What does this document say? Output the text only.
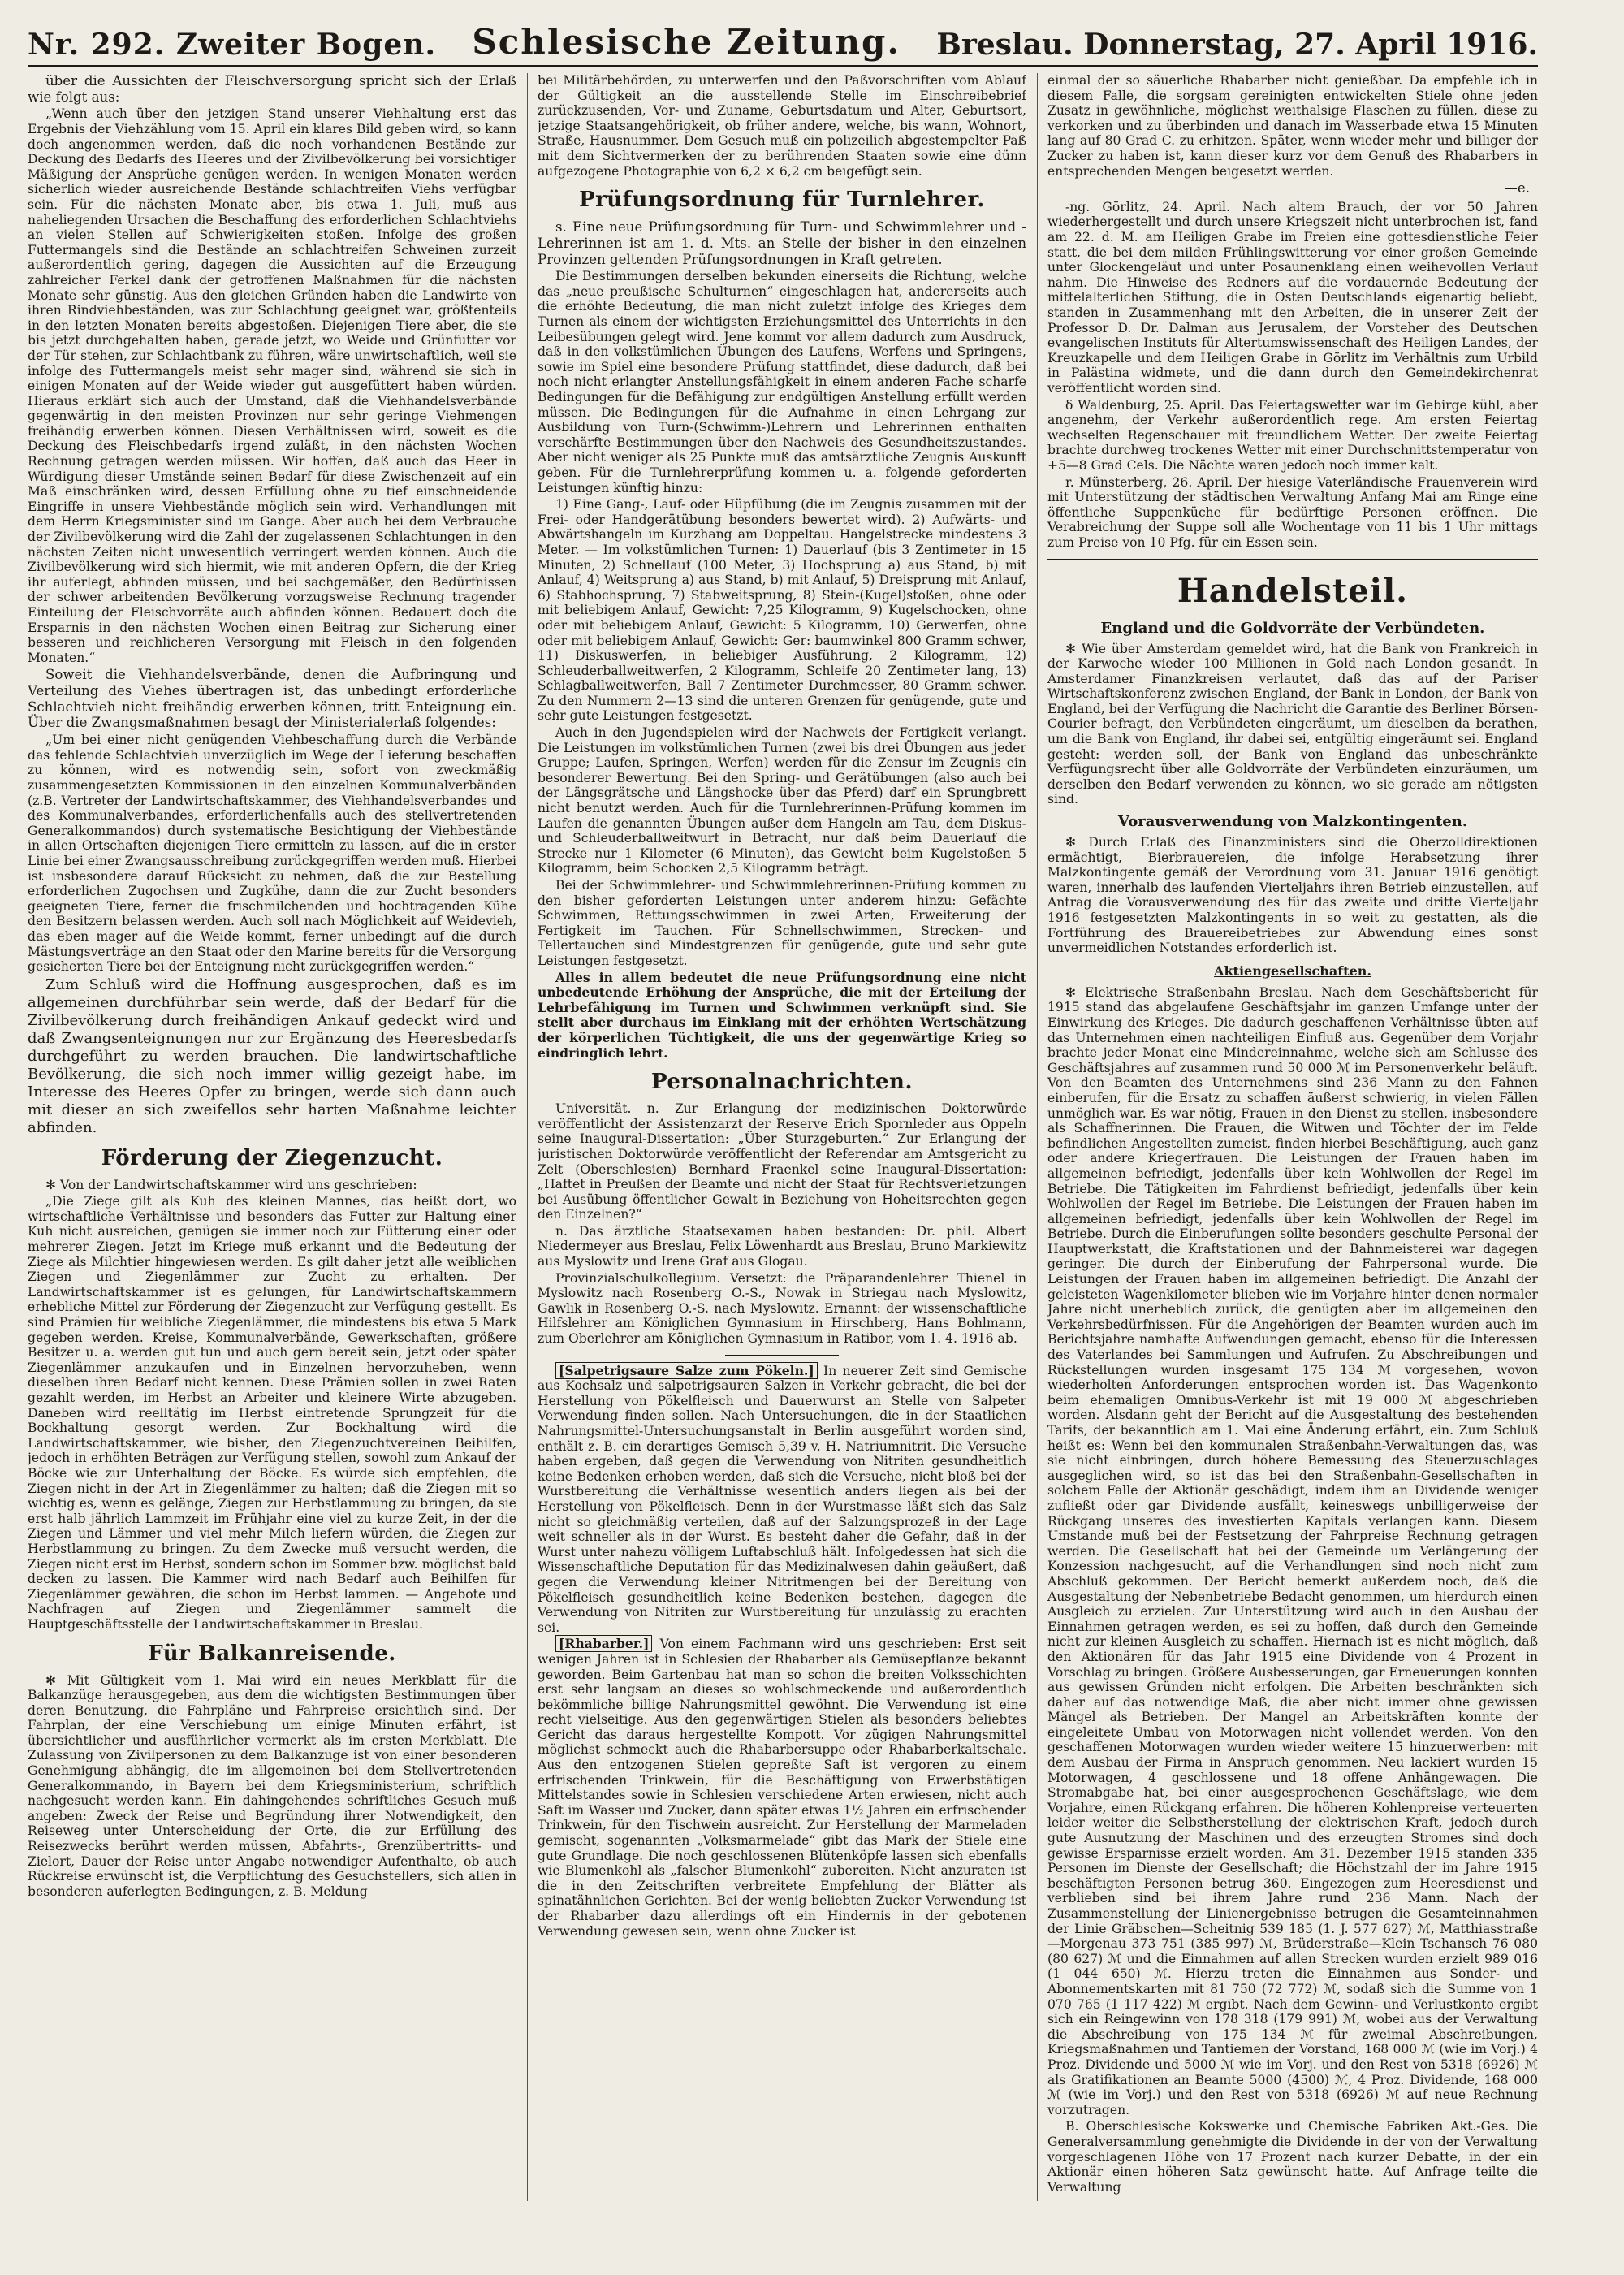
Nr. 292. Zweiter Bogen. Schlesische Zeitung. Breslau. Donnerstag, 27. April 1916.

über die Aussichten der Fleischversorgung spricht sich der Erlaß wie folgt aus:

„Wenn auch über den jetzigen Stand unserer Viehhaltung erst das Ergebnis der Viehzählung vom 15. April ein klares Bild geben wird, so kann doch angenommen werden, daß die noch vorhandenen Bestände zur Deckung des Bedarfs des Heeres und der Zivilbevölkerung bei vorsichtiger Mäßigung der Ansprüche genügen werden. In wenigen Monaten werden sicherlich wieder ausreichende Bestände schlachtreifen Viehs verfügbar sein. Für die nächsten Monate aber, bis etwa 1. Juli, muß aus naheliegenden Ursachen die Beschaffung des erforderlichen Schlachtviehs an vielen Stellen auf Schwierigkeiten stoßen. Infolge des großen Futtermangels sind die Bestände an schlachtreifen Schweinen zurzeit außerordentlich gering, dagegen die Aussichten auf die Erzeugung zahlreicher Ferkel dank der getroffenen Maßnahmen für die nächsten Monate sehr günstig. Aus den gleichen Gründen haben die Landwirte von ihren Rindviehbeständen, was zur Schlachtung geeignet war, größtenteils in den letzten Monaten bereits abgestoßen. Diejenigen Tiere aber, die sie bis jetzt durchgehalten haben, gerade jetzt, wo Weide und Grünfutter vor der Tür stehen, zur Schlachtbank zu führen, wäre unwirtschaftlich, weil sie infolge des Futtermangels meist sehr mager sind, während sie sich in einigen Monaten auf der Weide wieder gut ausgefüttert haben würden. Hieraus erklärt sich auch der Umstand, daß die Viehhandelsverbände gegenwärtig in den meisten Provinzen nur sehr geringe Viehmengen freihändig erwerben können. Diesen Verhältnissen wird, soweit es die Deckung des Fleischbedarfs irgend zuläßt, in den nächsten Wochen Rechnung getragen werden müssen. Wir hoffen, daß auch das Heer in Würdigung dieser Umstände seinen Bedarf für diese Zwischenzeit auf ein Maß einschränken wird, dessen Erfüllung ohne zu tief einschneidende Eingriffe in unsere Viehbestände möglich sein wird. Verhandlungen mit dem Herrn Kriegsminister sind im Gange. Aber auch bei dem Verbrauche der Zivilbevölkerung wird die Zahl der zugelassenen Schlachtungen in den nächsten Zeiten nicht unwesentlich verringert werden können. Auch die Zivilbevölkerung wird sich hiermit, wie mit anderen Opfern, die der Krieg ihr auferlegt, abfinden müssen, und bei sachgemäßer, den Bedürfnissen der schwer arbeitenden Bevölkerung vorzugsweise Rechnung tragender Einteilung der Fleischvorräte auch abfinden können. Bedauert doch die Ersparnis in den nächsten Wochen einen Beitrag zur Sicherung einer besseren und reichlicheren Versorgung mit Fleisch in den folgenden Monaten.“

Soweit die Viehhandelsverbände, denen die Aufbringung und Verteilung des Viehes übertragen ist, das unbedingt erforderliche Schlachtvieh nicht freihändig erwerben können, tritt Enteignung ein. Über die Zwangsmaßnahmen besagt der Ministerialerlaß folgendes:

„Um bei einer nicht genügenden Viehbeschaffung durch die Verbände das fehlende Schlachtvieh unverzüglich im Wege der Lieferung beschaffen zu können, wird es notwendig sein, sofort von zweckmäßig zusammengesetzten Kommissionen in den einzelnen Kommunalverbänden (z.B. Vertreter der Landwirtschaftskammer, des Viehhandelsverbandes und des Kommunalverbandes, erforderlichenfalls auch des stellvertretenden Generalkommandos) durch systematische Besichtigung der Viehbestände in allen Ortschaften diejenigen Tiere ermitteln zu lassen, auf die in erster Linie bei einer Zwangsausschreibung zurückgegriffen werden muß. Hierbei ist insbesondere darauf Rücksicht zu nehmen, daß die zur Bestellung erforderlichen Zugochsen und Zugkühe, dann die zur Zucht besonders geeigneten Tiere, ferner die frischmilchenden und hochtragenden Kühe den Besitzern belassen werden. Auch soll nach Möglichkeit auf Weidevieh, das eben mager auf die Weide kommt, ferner unbedingt auf die durch Mästungsverträge an den Staat oder den Marine bereits für die Versorgung gesicherten Tiere bei der Enteignung nicht zurückgegriffen werden.“

Zum Schluß wird die Hoffnung ausgesprochen, daß es im allgemeinen durchführbar sein werde, daß der Bedarf für die Zivilbevölkerung durch freihändigen Ankauf gedeckt wird und daß Zwangsenteignungen nur zur Ergänzung des Heeresbedarfs durchgeführt zu werden brauchen. Die landwirtschaftliche Bevölkerung, die sich noch immer willig gezeigt habe, im Interesse des Heeres Opfer zu bringen, werde sich dann auch mit dieser an sich zweifellos sehr harten Maßnahme leichter abfinden.

Förderung der Ziegenzucht.

✻ Von der Landwirtschaftskammer wird uns geschrieben:

„Die Ziege gilt als Kuh des kleinen Mannes, das heißt dort, wo wirtschaftliche Verhältnisse und besonders das Futter zur Haltung einer Kuh nicht ausreichen, genügen sie immer noch zur Fütterung einer oder mehrerer Ziegen. Jetzt im Kriege muß erkannt und die Bedeutung der Ziege als Milchtier hingewiesen werden. Es gilt daher jetzt alle weiblichen Ziegen und Ziegenlämmer zur Zucht zu erhalten. Der Landwirtschaftskammer ist es gelungen, für Landwirtschaftskammern erhebliche Mittel zur Förderung der Ziegenzucht zur Verfügung gestellt. Es sind Prämien für weibliche Ziegenlämmer, die mindestens bis etwa 5 Mark gegeben werden. Kreise, Kommunalverbände, Gewerkschaften, größere Besitzer u. a. werden gut tun und auch gern bereit sein, jetzt oder später Ziegenlämmer anzukaufen und in Einzelnen hervorzuheben, wenn dieselben ihren Bedarf nicht kennen. Diese Prämien sollen in zwei Raten gezahlt werden, im Herbst an Arbeiter und kleinere Wirte abzugeben. Daneben wird reelltätig im Herbst eintretende Sprungzeit für die Bockhaltung gesorgt werden. Zur Bockhaltung wird die Landwirtschaftskammer, wie bisher, den Ziegenzuchtvereinen Beihilfen, jedoch in erhöhten Beträgen zur Verfügung stellen, sowohl zum Ankauf der Böcke wie zur Unterhaltung der Böcke. Es würde sich empfehlen, die Ziegen nicht in der Art in Ziegenlämmer zu halten; daß die Ziegen mit so wichtig es, wenn es gelänge, Ziegen zur Herbstlammung zu bringen, da sie erst halb jährlich Lammzeit im Frühjahr eine viel zu kurze Zeit, in der die Ziegen und Lämmer und viel mehr Milch liefern würden, die Ziegen zur Herbstlammung zu bringen. Zu dem Zwecke muß versucht werden, die Ziegen nicht erst im Herbst, sondern schon im Sommer bzw. möglichst bald decken zu lassen. Die Kammer wird nach Bedarf auch Beihilfen für Ziegenlämmer gewähren, die schon im Herbst lammen. — Angebote und Nachfragen auf Ziegen und Ziegenlämmer sammelt die Hauptgeschäftsstelle der Landwirtschaftskammer in Breslau.

Für Balkanreisende.

✻ Mit Gültigkeit vom 1. Mai wird ein neues Merkblatt für die Balkanzüge herausgegeben, aus dem die wichtigsten Bestimmungen über deren Benutzung, die Fahrpläne und Fahrpreise ersichtlich sind. Der Fahrplan, der eine Verschiebung um einige Minuten erfährt, ist übersichtlicher und ausführlicher vermerkt als im ersten Merkblatt. Die Zulassung von Zivilpersonen zu dem Balkanzuge ist von einer besonderen Genehmigung abhängig, die im allgemeinen bei dem Stellvertretenden Generalkommando, in Bayern bei dem Kriegsministerium, schriftlich nachgesucht werden kann. Ein dahingehendes schriftliches Gesuch muß angeben: Zweck der Reise und Begründung ihrer Notwendigkeit, den Reiseweg unter Unterscheidung der Orte, die zur Erfüllung des Reisezwecks berührt werden müssen, Abfahrts-, Grenzübertritts- und Zielort, Dauer der Reise unter Angabe notwendiger Aufenthalte, ob auch Rückreise erwünscht ist, die Verpflichtung des Gesuchstellers, sich allen in besonderen auferlegten Bedingungen, z. B. Meldung

bei Militärbehörden, zu unterwerfen und den Paßvorschriften vom Ablauf der Gültigkeit an die ausstellende Stelle im Einschreibebrief zurückzusenden, Vor- und Zuname, Geburtsdatum und Alter, Geburtsort, jetzige Staatsangehörigkeit, ob früher andere, welche, bis wann, Wohnort, Straße, Hausnummer. Dem Gesuch muß ein polizeilich abgestempelter Paß mit dem Sichtvermerken der zu berührenden Staaten sowie eine dünn aufgezogene Photographie von 6,2 × 6,2 cm beigefügt sein.

Prüfungsordnung für Turnlehrer.

s. Eine neue Prüfungsordnung für Turn- und Schwimmlehrer und -Lehrerinnen ist am 1. d. Mts. an Stelle der bisher in den einzelnen Provinzen geltenden Prüfungsordnungen in Kraft getreten.

Die Bestimmungen derselben bekunden einerseits die Richtung, welche das „neue preußische Schulturnen“ eingeschlagen hat, andererseits auch die erhöhte Bedeutung, die man nicht zuletzt infolge des Krieges dem Turnen als einem der wichtigsten Erziehungsmittel des Unterrichts in den Leibesübungen gelegt wird. Jene kommt vor allem dadurch zum Ausdruck, daß in den volkstümlichen Übungen des Laufens, Werfens und Springens, sowie im Spiel eine besondere Prüfung stattfindet, diese dadurch, daß bei noch nicht erlangter Anstellungsfähigkeit in einem anderen Fache scharfe Bedingungen für die Befähigung zur endgültigen Anstellung erfüllt werden müssen. Die Bedingungen für die Aufnahme in einen Lehrgang zur Ausbildung von Turn-(Schwimm-)Lehrern und Lehrerinnen enthalten verschärfte Bestimmungen über den Nachweis des Gesundheitszustandes. Aber nicht weniger als 25 Punkte muß das amtsärztliche Zeugnis Auskunft geben. Für die Turnlehrerprüfung kommen u. a. folgende geforderten Leistungen künftig hinzu:

1) Eine Gang-, Lauf- oder Hüpfübung (die im Zeugnis zusammen mit der Frei- oder Handgerätübung besonders bewertet wird). 2) Aufwärts- und Abwärtshangeln im Kurzhang am Doppeltau. Hangelstrecke mindestens 3 Meter. — Im volkstümlichen Turnen: 1) Dauerlauf (bis 3 Zentimeter in 15 Minuten, 2) Schnellauf (100 Meter, 3) Hochsprung a) aus Stand, b) mit Anlauf, 4) Weitsprung a) aus Stand, b) mit Anlauf, 5) Dreisprung mit Anlauf, 6) Stabhochsprung, 7) Stabweitsprung, 8) Stein-(Kugel)stoßen, ohne oder mit beliebigem Anlauf, Gewicht: 7,25 Kilogramm, 9) Kugelschocken, ohne oder mit beliebigem Anlauf, Gewicht: 5 Kilogramm, 10) Gerwerfen, ohne oder mit beliebigem Anlauf, Gewicht: Ger: baumwinkel 800 Gramm schwer, 11) Diskuswerfen, in beliebiger Ausführung, 2 Kilogramm, 12) Schleuderballweitwerfen, 2 Kilogramm, Schleife 20 Zentimeter lang, 13) Schlagballweitwerfen, Ball 7 Zentimeter Durchmesser, 80 Gramm schwer. Zu den Nummern 2—13 sind die unteren Grenzen für genügende, gute und sehr gute Leistungen festgesetzt.

Auch in den Jugendspielen wird der Nachweis der Fertigkeit verlangt. Die Leistungen im volkstümlichen Turnen (zwei bis drei Übungen aus jeder Gruppe; Laufen, Springen, Werfen) werden für die Zensur im Zeugnis ein besonderer Bewertung. Bei den Spring- und Gerätübungen (also auch bei der Längsgrätsche und Längshocke über das Pferd) darf ein Sprungbrett nicht benutzt werden. Auch für die Turnlehrerinnen-Prüfung kommen im Laufen die genannten Übungen außer dem Hangeln am Tau, dem Diskus- und Schleuderballweitwurf in Betracht, nur daß beim Dauerlauf die Strecke nur 1 Kilometer (6 Minuten), das Gewicht beim Kugelstoßen 5 Kilogramm, beim Schocken 2,5 Kilogramm beträgt.

Bei der Schwimmlehrer- und Schwimmlehrerinnen-Prüfung kommen zu den bisher geforderten Leistungen unter anderem hinzu: Gefächte Schwimmen, Rettungsschwimmen in zwei Arten, Erweiterung der Fertigkeit im Tauchen. Für Schnellschwimmen, Strecken- und Tellertauchen sind Mindestgrenzen für genügende, gute und sehr gute Leistungen festgesetzt.

Alles in allem bedeutet die neue Prüfungsordnung eine nicht unbedeutende Erhöhung der Ansprüche, die mit der Erteilung der Lehrbefähigung im Turnen und Schwimmen verknüpft sind. Sie stellt aber durchaus im Einklang mit der erhöhten Wertschätzung der körperlichen Tüchtigkeit, die uns der gegenwärtige Krieg so eindringlich lehrt.

Personalnachrichten.

Universität. n. Zur Erlangung der medizinischen Doktorwürde veröffentlicht der Assistenzarzt der Reserve Erich Spornleder aus Oppeln seine Inaugural-Dissertation: „Über Sturzgeburten.“ Zur Erlangung der juristischen Doktorwürde veröffentlicht der Referendar am Amtsgericht zu Zelt (Oberschlesien) Bernhard Fraenkel seine Inaugural-Dissertation: „Haftet in Preußen der Beamte und nicht der Staat für Rechtsverletzungen bei Ausübung öffentlicher Gewalt in Beziehung von Hoheitsrechten gegen den Einzelnen?“

n. Das ärztliche Staatsexamen haben bestanden: Dr. phil. Albert Niedermeyer aus Breslau, Felix Löwenhardt aus Breslau, Bruno Markiewitz aus Myslowitz und Irene Graf aus Glogau.

Provinzialschulkollegium. Versetzt: die Präparandenlehrer Thienel in Myslowitz nach Rosenberg O.-S., Nowak in Striegau nach Myslowitz, Gawlik in Rosenberg O.-S. nach Myslowitz. Ernannt: der wissenschaftliche Hilfslehrer am Königlichen Gymnasium in Hirschberg, Hans Bohlmann, zum Oberlehrer am Königlichen Gymnasium in Ratibor, vom 1. 4. 1916 ab.

[Salpetrigsaure Salze zum Pökeln.] In neuerer Zeit sind Gemische aus Kochsalz und salpetrigsauren Salzen in Verkehr gebracht, die bei der Herstellung von Pökelfleisch und Dauerwurst an Stelle von Salpeter Verwendung finden sollen. Nach Untersuchungen, die in der Staatlichen Nahrungsmittel-Untersuchungsanstalt in Berlin ausgeführt worden sind, enthält z. B. ein derartiges Gemisch 5,39 v. H. Natriumnitrit. Die Versuche haben ergeben, daß gegen die Verwendung von Nitriten gesundheitlich keine Bedenken erhoben werden, daß sich die Versuche, nicht bloß bei der Wurstbereitung die Verhältnisse wesentlich anders liegen als bei der Herstellung von Pökelfleisch. Denn in der Wurstmasse läßt sich das Salz nicht so gleichmäßig verteilen, daß auf der Salzungsprozeß in der Lage weit schneller als in der Wurst. Es besteht daher die Gefahr, daß in der Wurst unter nahezu völligem Luftabschluß hält. Infolgedessen hat sich die Wissenschaftliche Deputation für das Medizinalwesen dahin geäußert, daß gegen die Verwendung kleiner Nitritmengen bei der Bereitung von Pökelfleisch gesundheitlich keine Bedenken bestehen, dagegen die Verwendung von Nitriten zur Wurstbereitung für unzulässig zu erachten sei.

[Rhabarber.] Von einem Fachmann wird uns geschrieben: Erst seit wenigen Jahren ist in Schlesien der Rhabarber als Gemüsepflanze bekannt geworden. Beim Gartenbau hat man so schon die breiten Volksschichten erst sehr langsam an dieses so wohlschmeckende und außerordentlich bekömmliche billige Nahrungsmittel gewöhnt. Die Verwendung ist eine recht vielseitige. Aus den gegenwärtigen Stielen als besonders beliebtes Gericht das daraus hergestellte Kompott. Vor zügigen Nahrungsmittel möglichst schmeckt auch die Rhabarbersuppe oder Rhabarberkaltschale. Aus den entzogenen Stielen gepreßte Saft ist vergoren zu einem erfrischenden Trinkwein, für die Beschäftigung von Erwerbstätigen Mittelstandes sowie in Schlesien verschiedene Arten erwiesen, nicht auch Saft im Wasser und Zucker, dann später etwas 1½ Jahren ein erfrischender Trinkwein, für den Tischwein ausreicht. Zur Herstellung der Marmeladen gemischt, sogenannten „Volksmarmelade“ gibt das Mark der Stiele eine gute Grundlage. Die noch geschlossenen Blütenköpfe lassen sich ebenfalls wie Blumenkohl als „falscher Blumenkohl“ zubereiten. Nicht anzuraten ist die in den Zeitschriften verbreitete Empfehlung der Blätter als spinatähnlichen Gerichten. Bei der wenig beliebten Zucker Verwendung ist der Rhabarber dazu allerdings oft ein Hindernis in der gebotenen Verwendung gewesen sein, wenn ohne Zucker ist

einmal der so säuerliche Rhabarber nicht genießbar. Da empfehle ich in diesem Falle, die sorgsam gereinigten entwickelten Stiele ohne jeden Zusatz in gewöhnliche, möglichst weithalsige Flaschen zu füllen, diese zu verkorken und zu überbinden und danach im Wasserbade etwa 15 Minuten lang auf 80 Grad C. zu erhitzen. Später, wenn wieder mehr und billiger der Zucker zu haben ist, kann dieser kurz vor dem Genuß des Rhabarbers in entsprechenden Mengen beigesetzt werden.

—e.

-ng. Görlitz, 24. April. Nach altem Brauch, der vor 50 Jahren wiederhergestellt und durch unsere Kriegszeit nicht unterbrochen ist, fand am 22. d. M. am Heiligen Grabe im Freien eine gottesdienstliche Feier statt, die bei dem milden Frühlingswitterung vor einer großen Gemeinde unter Glockengeläut und unter Posaunenklang einen weihevollen Verlauf nahm. Die Hinweise des Redners auf die vordauernde Bedeutung der mittelalterlichen Stiftung, die in Osten Deutschlands eigenartig beliebt, standen in Zusammenhang mit den Arbeiten, die in unserer Zeit der Professor D. Dr. Dalman aus Jerusalem, der Vorsteher des Deutschen evangelischen Instituts für Altertumswissenschaft des Heiligen Landes, der Kreuzkapelle und dem Heiligen Grabe in Görlitz im Verhältnis zum Urbild in Palästina widmete, und die dann durch den Gemeindekirchenrat veröffentlicht worden sind.

δ Waldenburg, 25. April. Das Feiertagswetter war im Gebirge kühl, aber angenehm, der Verkehr außerordentlich rege. Am ersten Feiertag wechselten Regenschauer mit freundlichem Wetter. Der zweite Feiertag brachte durchweg trockenes Wetter mit einer Durchschnittstemperatur von +5—8 Grad Cels. Die Nächte waren jedoch noch immer kalt.

r. Münsterberg, 26. April. Der hiesige Vaterländische Frauenverein wird mit Unterstützung der städtischen Verwaltung Anfang Mai am Ringe eine öffentliche Suppenküche für bedürftige Personen eröffnen. Die Verabreichung der Suppe soll alle Wochentage von 11 bis 1 Uhr mittags zum Preise von 10 Pfg. für ein Essen sein.

Handelsteil.
England und die Goldvorräte der Verbündeten.

✻ Wie über Amsterdam gemeldet wird, hat die Bank von Frankreich in der Karwoche wieder 100 Millionen in Gold nach London gesandt. In Amsterdamer Finanzkreisen verlautet, daß das auf der Pariser Wirtschaftskonferenz zwischen England, der Bank in London, der Bank von England, bei der Verfügung die Nachricht die Garantie des Berliner Börsen-Courier befragt, den Verbündeten eingeräumt, um dieselben da berathen, um die Bank von England, ihr dabei sei, entgültig eingeräumt sei. England gesteht: werden soll, der Bank von England das unbeschränkte Verfügungsrecht über alle Goldvorräte der Verbündeten einzuräumen, um derselben den Bedarf verwenden zu können, wo sie gerade am nötigsten sind.

Vorausverwendung von Malzkontingenten.

✻ Durch Erlaß des Finanzministers sind die Oberzolldirektionen ermächtigt, Bierbrauereien, die infolge Herabsetzung ihrer Malzkontingente gemäß der Verordnung vom 31. Januar 1916 genötigt waren, innerhalb des laufenden Vierteljahrs ihren Betrieb einzustellen, auf Antrag die Vorausverwendung des für das zweite und dritte Vierteljahr 1916 festgesetzten Malzkontingents in so weit zu gestatten, als die Fortführung des Brauereibetriebes zur Abwendung eines sonst unvermeidlichen Notstandes erforderlich ist.

Aktiengesellschaften.

✻ Elektrische Straßenbahn Breslau. Nach dem Geschäftsbericht für 1915 stand das abgelaufene Geschäftsjahr im ganzen Umfange unter der Einwirkung des Krieges. Die dadurch geschaffenen Verhältnisse übten auf das Unternehmen einen nachteiligen Einfluß aus. Gegenüber dem Vorjahr brachte jeder Monat eine Mindereinnahme, welche sich am Schlusse des Geschäftsjahres auf zusammen rund 50 000 ℳ im Personenverkehr beläuft. Von den Beamten des Unternehmens sind 236 Mann zu den Fahnen einberufen, für die Ersatz zu schaffen äußerst schwierig, in vielen Fällen unmöglich war. Es war nötig, Frauen in den Dienst zu stellen, insbesondere als Schaffnerinnen. Die Frauen, die Witwen und Töchter der im Felde befindlichen Angestellten zumeist, finden hierbei Beschäftigung, auch ganz oder andere Kriegerfrauen. Die Leistungen der Frauen haben im allgemeinen befriedigt, jedenfalls über kein Wohlwollen der Regel im Betriebe. Die Tätigkeiten im Fahrdienst befriedigt, jedenfalls über kein Wohlwollen der Regel im Betriebe. Die Leistungen der Frauen haben im allgemeinen befriedigt, jedenfalls über kein Wohlwollen der Regel im Betriebe. Durch die Einberufungen sollte besonders geschulte Personal der Hauptwerkstatt, die Kraftstationen und der Bahnmeisterei war dagegen geringer. Die durch der Einberufung der Fahrpersonal wurde. Die Leistungen der Frauen haben im allgemeinen befriedigt. Die Anzahl der geleisteten Wagenkilometer blieben wie im Vorjahre hinter denen normaler Jahre nicht unerheblich zurück, die genügten aber im allgemeinen den Verkehrsbedürfnissen. Für die Angehörigen der Beamten wurden auch im Berichtsjahre namhafte Aufwendungen gemacht, ebenso für die Interessen des Vaterlandes bei Sammlungen und Aufrufen. Zu Abschreibungen und Rückstellungen wurden insgesamt 175 134 ℳ vorgesehen, wovon wiederholten Anforderungen entsprochen worden ist. Das Wagenkonto beim ehemaligen Omnibus-Verkehr ist mit 19 000 ℳ abgeschrieben worden. Alsdann geht der Bericht auf die Ausgestaltung des bestehenden Tarifs, der bekanntlich am 1. Mai eine Änderung erfährt, ein. Zum Schluß heißt es: Wenn bei den kommunalen Straßenbahn-Verwaltungen das, was sie nicht einbringen, durch höhere Bemessung des Steuerzuschlages ausgeglichen wird, so ist das bei den Straßenbahn-Gesellschaften in solchem Falle der Aktionär geschädigt, indem ihm an Dividende weniger zufließt oder gar Dividende ausfällt, keineswegs unbilligerweise der Rückgang unseres des investierten Kapitals verlangen kann. Diesem Umstande muß bei der Festsetzung der Fahrpreise Rechnung getragen werden. Die Gesellschaft hat bei der Gemeinde um Verlängerung der Konzession nachgesucht, auf die Verhandlungen sind noch nicht zum Abschluß gekommen. Der Bericht bemerkt außerdem noch, daß die Ausgestaltung der Nebenbetriebe Bedacht genommen, um hierdurch einen Ausgleich zu erzielen. Zur Unterstützung wird auch in den Ausbau der Einnahmen getragen werden, es sei zu hoffen, daß durch den Gemeinde nicht zur kleinen Ausgleich zu schaffen. Hiernach ist es nicht möglich, daß den Aktionären für das Jahr 1915 eine Dividende von 4 Prozent in Vorschlag zu bringen. Größere Ausbesserungen, gar Erneuerungen konnten aus gewissen Gründen nicht erfolgen. Die Arbeiten beschränkten sich daher auf das notwendige Maß, die aber nicht immer ohne gewissen Mängel als Betrieben. Der Mangel an Arbeitskräften konnte der eingeleitete Umbau von Motorwagen nicht vollendet werden. Von den geschaffenen Motorwagen wurden wieder weitere 15 hinzuerwerben: mit dem Ausbau der Firma in Anspruch genommen. Neu lackiert wurden 15 Motorwagen, 4 geschlossene und 18 offene Anhängewagen. Die Stromabgabe hat, bei einer ausgesprochenen Geschäftslage, wie dem Vorjahre, einen Rückgang erfahren. Die höheren Kohlenpreise verteuerten leider weiter die Selbstherstellung der elektrischen Kraft, jedoch durch gute Ausnutzung der Maschinen und des erzeugten Stromes sind doch gewisse Ersparnisse erzielt worden. Am 31. Dezember 1915 standen 335 Personen im Dienste der Gesellschaft; die Höchstzahl der im Jahre 1915 beschäftigten Personen betrug 360. Eingezogen zum Heeresdienst und verblieben sind bei ihrem Jahre rund 236 Mann. Nach der Zusammenstellung der Linienergebnisse betrugen die Gesamteinnahmen der Linie Gräbschen—Scheitnig 539 185 (1. J. 577 627) ℳ, Matthiasstraße—Morgenau 373 751 (385 997) ℳ, Brüderstraße—Klein Tschansch 76 080 (80 627) ℳ und die Einnahmen auf allen Strecken wurden erzielt 989 016 (1 044 650) ℳ. Hierzu treten die Einnahmen aus Sonder- und Abonnementskarten mit 81 750 (72 772) ℳ, sodaß sich die Summe von 1 070 765 (1 117 422) ℳ ergibt. Nach dem Gewinn- und Verlustkonto ergibt sich ein Reingewinn von 178 318 (179 991) ℳ, wobei aus der Verwaltung die Abschreibung von 175 134 ℳ für zweimal Abschreibungen, Kriegsmaßnahmen und Tantiemen der Vorstand, 168 000 ℳ (wie im Vorj.) 4 Proz. Dividende und 5000 ℳ wie im Vorj. und den Rest von 5318 (6926) ℳ als Gratifikationen an Beamte 5000 (4500) ℳ, 4 Proz. Dividende, 168 000 ℳ (wie im Vorj.) und den Rest von 5318 (6926) ℳ auf neue Rechnung vorzutragen.

B. Oberschlesische Kokswerke und Chemische Fabriken Akt.-Ges. Die Generalversammlung genehmigte die Dividende in der von der Verwaltung vorgeschlagenen Höhe von 17 Prozent nach kurzer Debatte, in der ein Aktionär einen höheren Satz gewünscht hatte. Auf Anfrage teilte die Verwaltung
